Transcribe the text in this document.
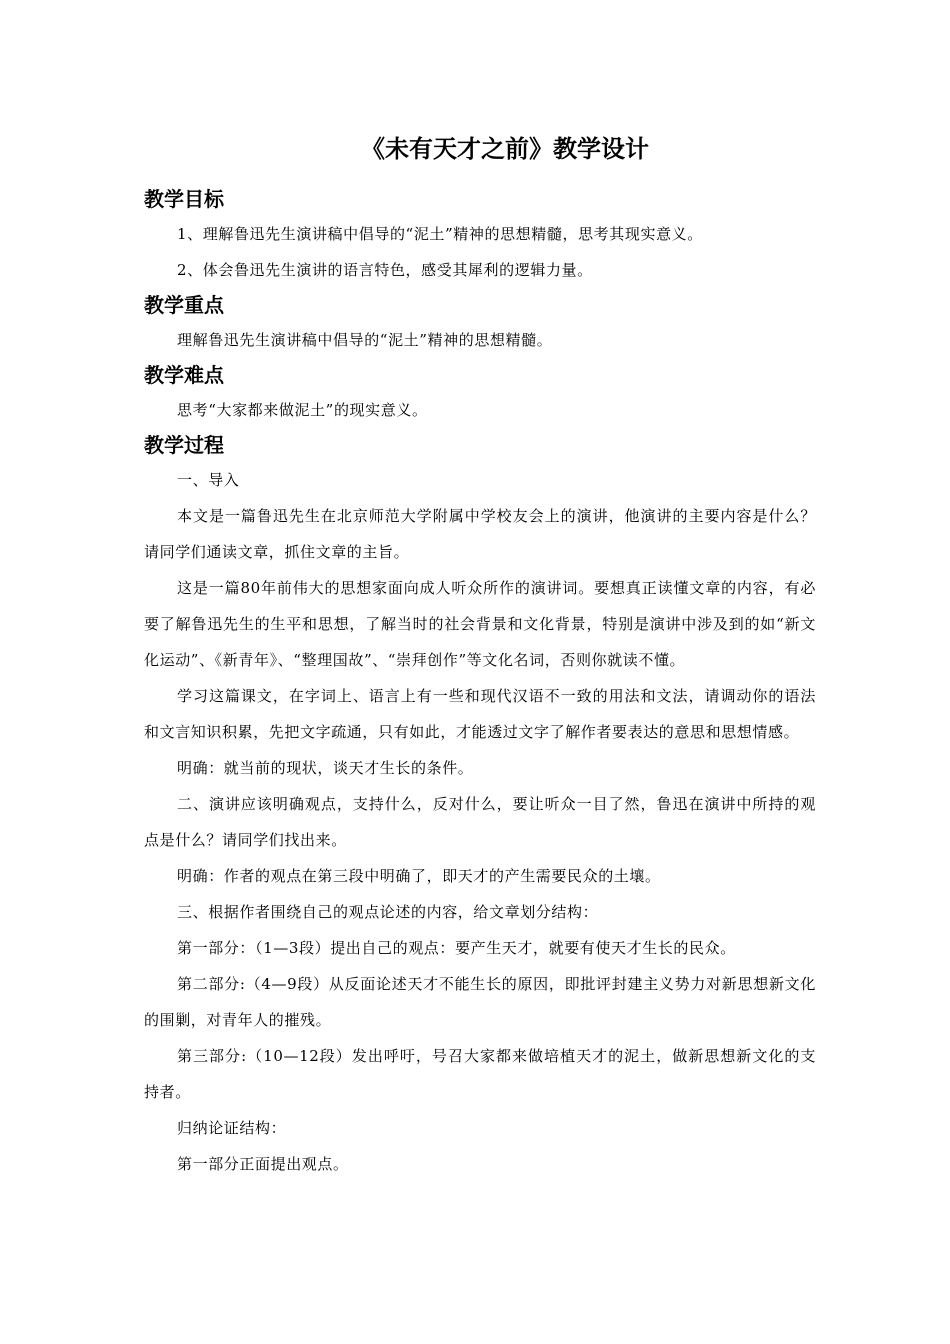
《未有天才之前》教学设计
教学目标

1、理解鲁迅先生演讲稿中倡导的“泥土”精神的思想精髓，思考其现实意义。

2、体会鲁迅先生演讲的语言特色，感受其犀利的逻辑力量。

教学重点

理解鲁迅先生演讲稿中倡导的“泥土”精神的思想精髓。

教学难点

思考“大家都来做泥土”的现实意义。

教学过程

一、导入

本文是一篇鲁迅先生在北京师范大学附属中学校友会上的演讲，他演讲的主要内容是什么？请同学们通读文章，抓住文章的主旨。

这是一篇80年前伟大的思想家面向成人听众所作的演讲词。要想真正读懂文章的内容，有必要了解鲁迅先生的生平和思想，了解当时的社会背景和文化背景，特别是演讲中涉及到的如“新文化运动”、《新青年》、“整理国故”、“崇拜创作”等文化名词，否则你就读不懂。

学习这篇课文，在字词上、语言上有一些和现代汉语不一致的用法和文法，请调动你的语法和文言知识积累，先把文字疏通，只有如此，才能透过文字了解作者要表达的意思和思想情感。

明确：就当前的现状，谈天才生长的条件。

二、演讲应该明确观点，支持什么，反对什么，要让听众一目了然，鲁迅在演讲中所持的观点是什么？请同学们找出来。

明确：作者的观点在第三段中明确了，即天才的产生需要民众的土壤。

三、根据作者围绕自己的观点论述的内容，给文章划分结构：

第一部分：（1—3段）提出自己的观点：要产生天才，就要有使天才生长的民众。

第二部分:（4—9段）从反面论述天才不能生长的原因，即批评封建主义势力对新思想新文化的围剿，对青年人的摧残。

第三部分:（10—12段）发出呼吁，号召大家都来做培植天才的泥土，做新思想新文化的支持者。

归纳论证结构：

第一部分正面提出观点。
